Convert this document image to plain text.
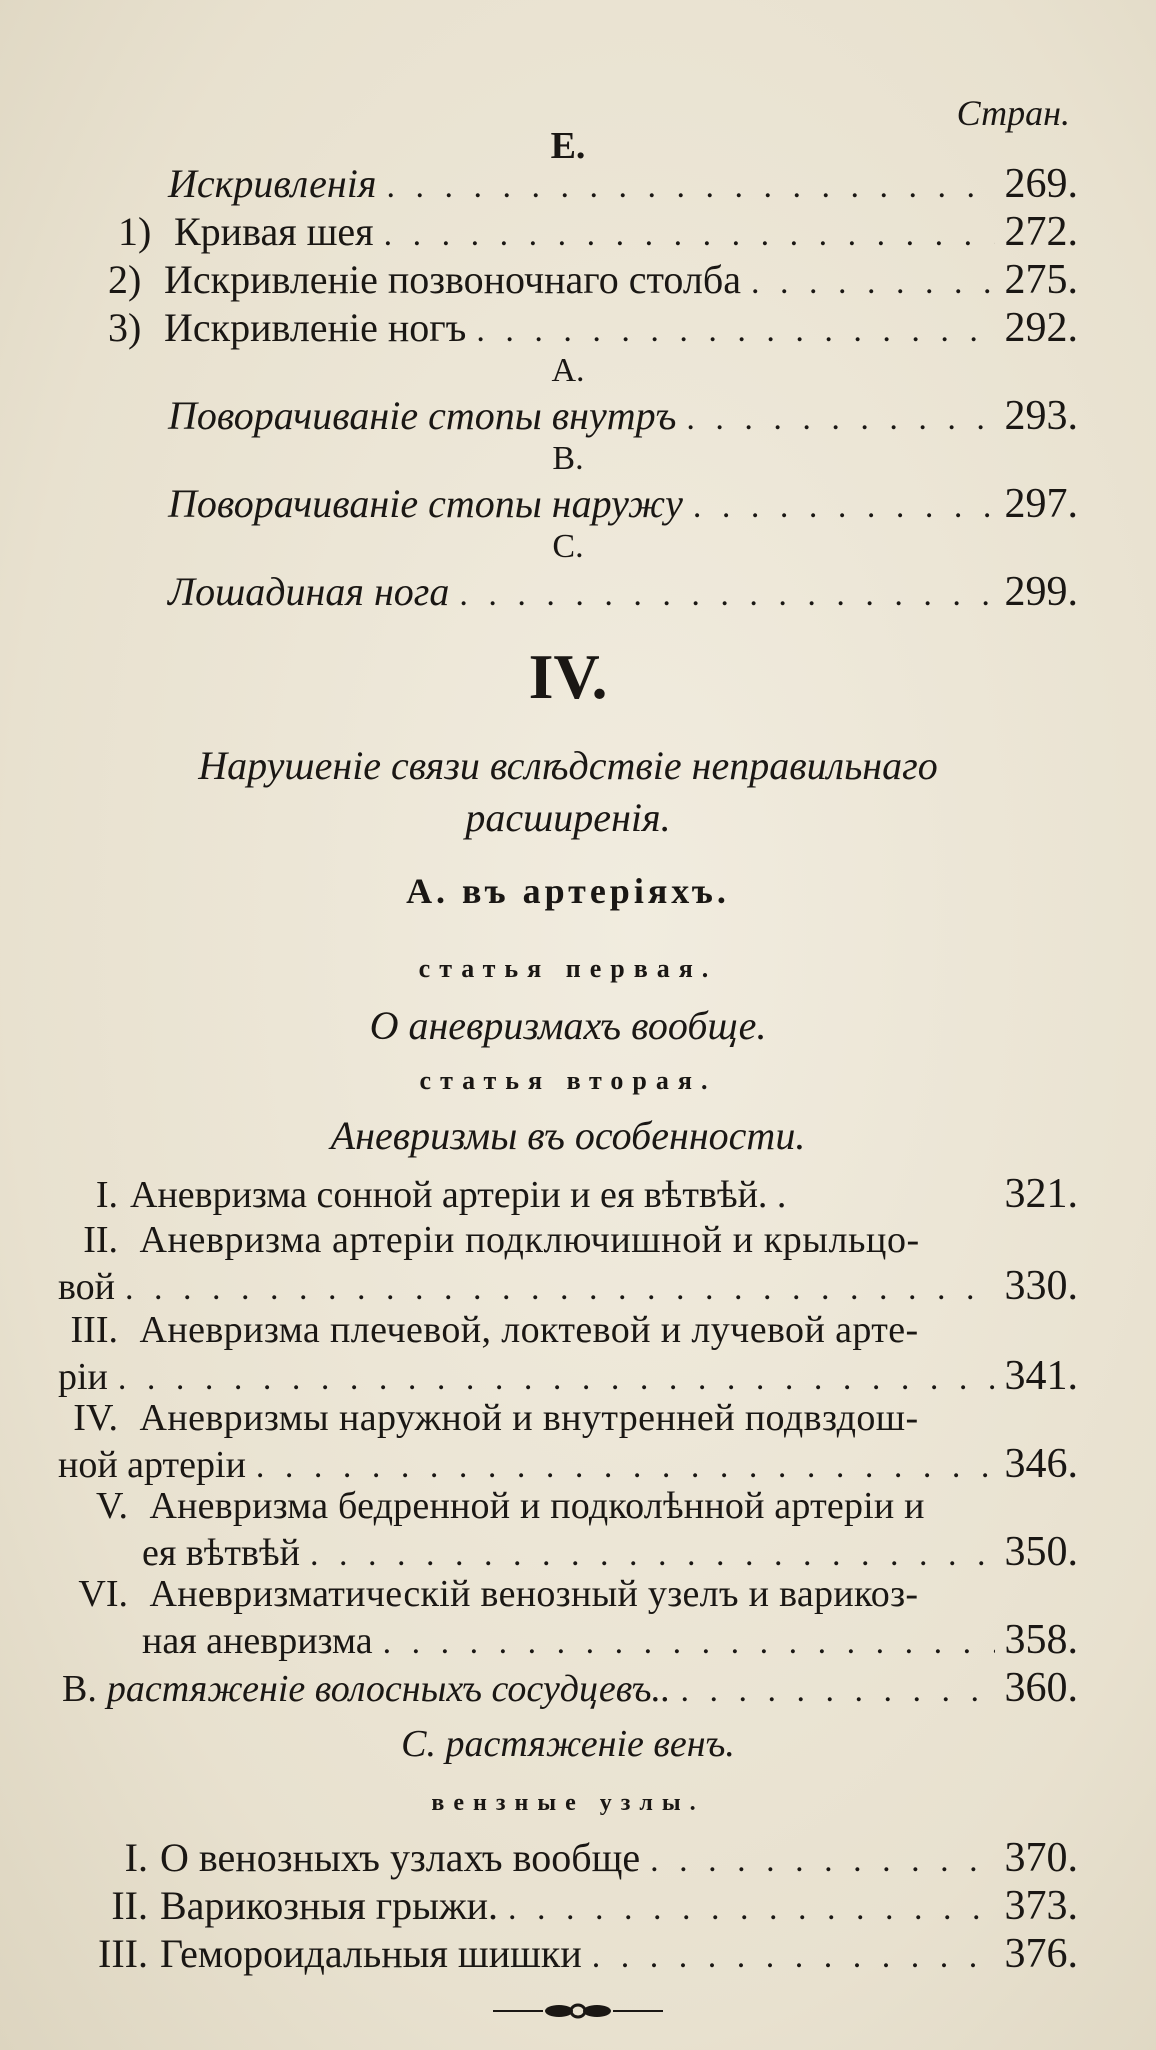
Стран.
E.
Искривленія . . .	269.
1) Кривая шея . . .	272.
2) Искривленіе позвоночнаго столба . . .	275.
3) Искривленіе ногъ . . .	292.
A.
Поворачиваніе стопы внутръ . . .	293.
B.
Поворачиваніе стопы наружу . . .	297.
C.
Лошадиная нога . . .	299.
IV.
Нарушеніе связи вслѣдствіе неправильнаго
расширенія.
A. въ артеріяхъ.
статья первая.
О аневризмахъ вообще.
статья вторая.
Аневризмы въ особенности.
I. Аневризма сонной артеріи и ея вѣтвѣй. .	321.
II. Аневризма артеріи подключишной и крыльцо-
вой . . .	330.
III. Аневризма плечевой, локтевой и лучевой арте-
ріи . . .	341.
IV. Аневризмы наружной и внутренней подвздош-
ной артеріи . . .	346.
V. Аневризма бедренной и подколѣнной артеріи и
ея вѣтвѣй . . .	350.
VI. Аневризматическій венозный узелъ и варикоз-
ная аневризма . . .	358.
B. растяженіе волосныхъ сосудцевъ.. . . .	360.
C. растяженіе венъ.
вензные узлы.
I. О венозныхъ узлахъ вообще . . .	370.
II. Варикозныя грыжи. . . .	373.
III. Гемороидальныя шишки . . .	376.
